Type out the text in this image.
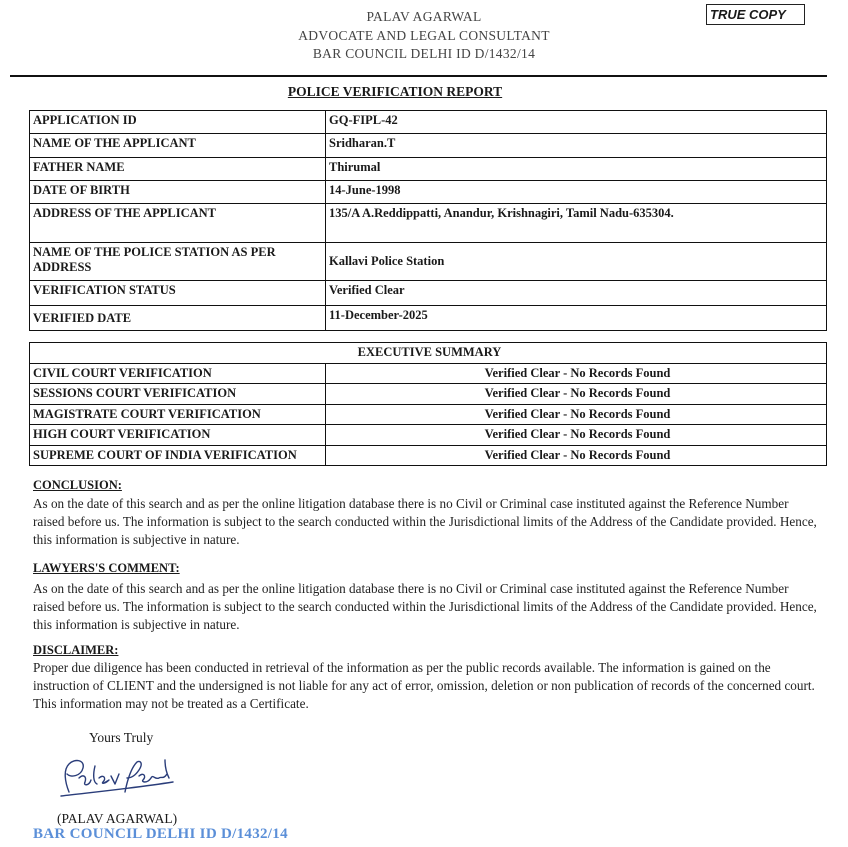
PALAV AGARWAL
ADVOCATE AND LEGAL CONSULTANT
BAR COUNCIL DELHI ID D/1432/14
TRUE COPY
POLICE VERIFICATION REPORT
APPLICATION ID	GQ-FIPL-42
NAME OF THE APPLICANT	Sridharan.T
FATHER NAME	Thirumal
DATE OF BIRTH	14-June-1998
ADDRESS OF THE APPLICANT	135/A A.Reddippatti, Anandur, Krishnagiri, Tamil Nadu-635304.
NAME OF THE POLICE STATION AS PER ADDRESS	Kallavi Police Station
VERIFICATION STATUS	Verified Clear
VERIFIED DATE	11-December-2025
EXECUTIVE SUMMARY	
CIVIL COURT VERIFICATION	Verified Clear - No Records Found
SESSIONS COURT VERIFICATION	Verified Clear - No Records Found
MAGISTRATE COURT VERIFICATION	Verified Clear - No Records Found
HIGH COURT VERIFICATION	Verified Clear - No Records Found
SUPREME COURT OF INDIA VERIFICATION	Verified Clear - No Records Found
CONCLUSION:
As on the date of this search and as per the online litigation database there is no Civil or Criminal case instituted against the Reference Number raised before us. The information is subject to the search conducted within the Jurisdictional limits of the Address of the Candidate provided. Hence, this information is subjective in nature.
LAWYERS'S COMMENT:
As on the date of this search and as per the online litigation database there is no Civil or Criminal case instituted against the Reference Number raised before us. The information is subject to the search conducted within the Jurisdictional limits of the Address of the Candidate provided. Hence, this information is subjective in nature.
DISCLAIMER:
Proper due diligence has been conducted in retrieval of the information as per the public records available. The information is gained on the instruction of CLIENT and the undersigned is not liable for any act of error, omission, deletion or non publication of records of the concerned court. This information may not be treated as a Certificate.
Yours Truly
(PALAV AGARWAL)
BAR COUNCIL DELHI ID D/1432/14
